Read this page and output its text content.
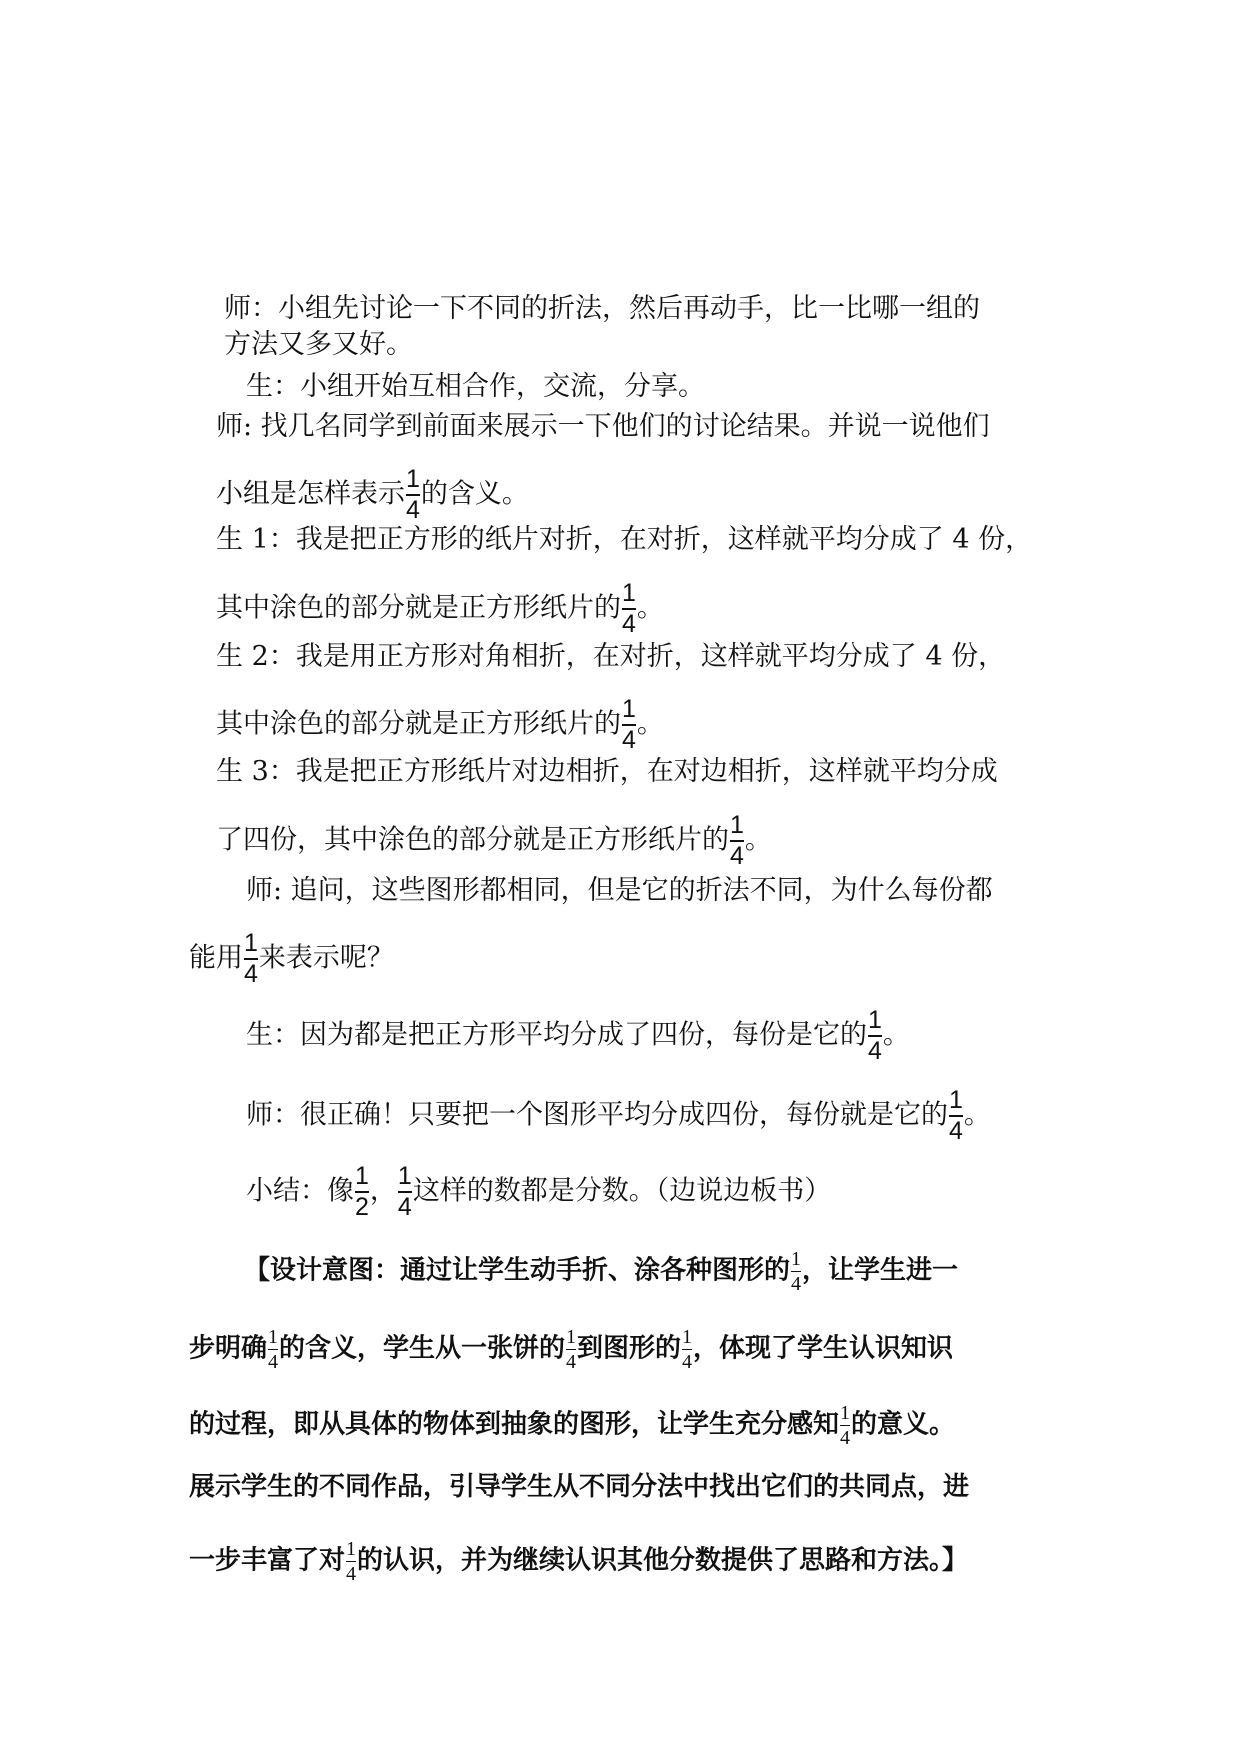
师：小组先讨论一下不同的折法，然后再动手，比一比哪一组的
方法又多又好。
生：小组开始互相合作，交流，分享。
师: 找几名同学到前面来展示一下他们的讨论结果。并说一说他们
小组是怎样表示 $\frac{1}{4}$ 的含义。
生 1：我是把正方形的纸片对折，在对折，这样就平均分成了 4 份，
其中涂色的部分就是正方形纸片的 $\frac{1}{4}$ 。
生 2：我是用正方形对角相折，在对折，这样就平均分成了 4 份，
其中涂色的部分就是正方形纸片的 $\frac{1}{4}$ 。
生 3：我是把正方形纸片对边相折，在对边相折，这样就平均分成
了四份，其中涂色的部分就是正方形纸片的 $\frac{1}{4}$ 。
师: 追问，这些图形都相同，但是它的折法不同，为什么每份都
能用 $\frac{1}{4}$ 来表示呢？
生：因为都是把正方形平均分成了四份，每份是它的 $\frac{1}{4}$ 。
师：很正确！只要把一个图形平均分成四份，每份就是它的 $\frac{1}{4}$ 。
小结：像 $\frac{1}{2}$ ， $\frac{1}{4}$ 这样的数都是分数。（边说边板书）
【设计意图：通过让学生动手折、涂各种图形的 $\frac{1}{4}$ ，让学生进一
步明确 $\frac{1}{4}$ 的含义，学生从一张饼的 $\frac{1}{4}$ 到图形的 $\frac{1}{4}$ ，体现了学生认识知识
的过程，即从具体的物体到抽象的图形，让学生充分感知 $\frac{1}{4}$ 的意义。
展示学生的不同作品，引导学生从不同分法中找出它们的共同点，进
一步丰富了对 $\frac{1}{4}$ 的认识，并为继续认识其他分数提供了思路和方法。】
